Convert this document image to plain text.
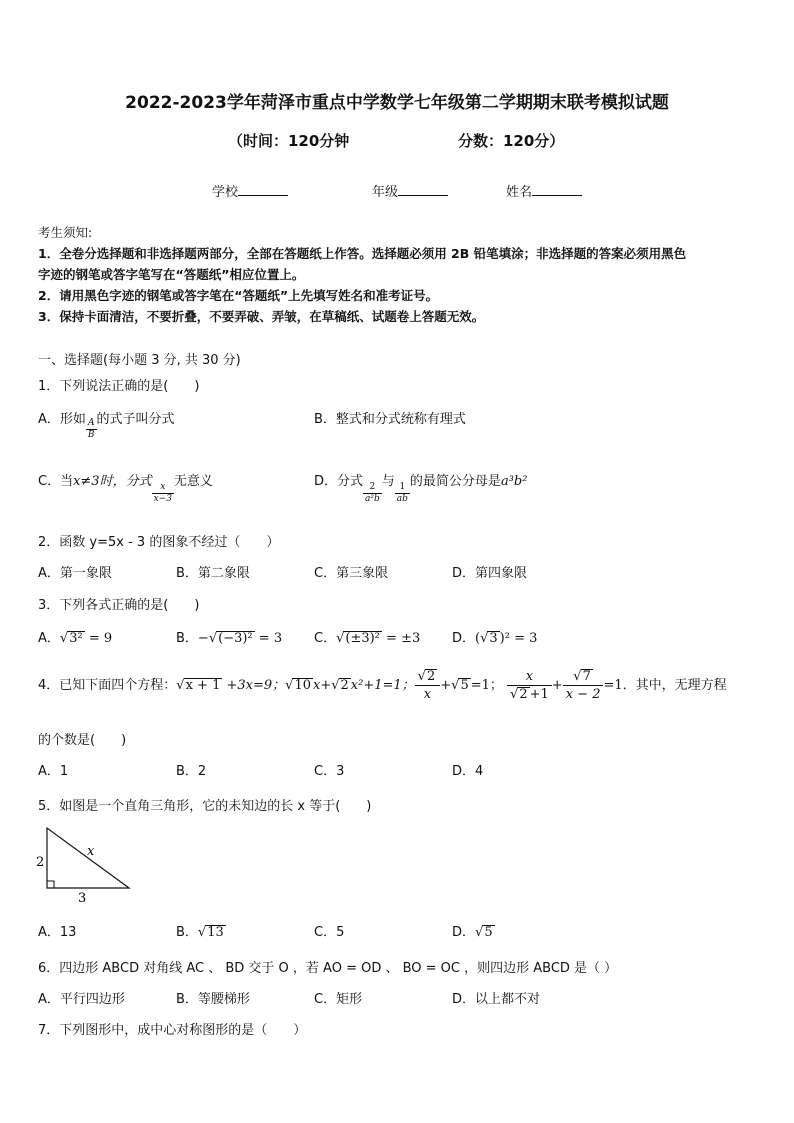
2022-2023学年菏泽市重点中学数学七年级第二学期期末联考模拟试题
（时间：120分钟	分数：120分）
学校	年级	姓名
考生须知:
1．全卷分选择题和非选择题两部分，全部在答题纸上作答。选择题必须用 2B 铅笔填涂；非选择题的答案必须用黑色
字迹的钢笔或答字笔写在“答题纸”相应位置上。
2．请用黑色字迹的钢笔或答字笔在“答题纸”上先填写姓名和准考证号。
3．保持卡面清洁，不要折叠，不要弄破、弄皱，在草稿纸、试题卷上答题无效。
一、选择题(每小题 3 分, 共 30 分)
1．下列说法正确的是(　　)
A．形如 $\frac{A}{B}$ 的式子叫分式	B．整式和分式统称有理式
C．当x≠3时，分式
$\frac{x}{x-3}$
无意义	D．分式
$\frac{2}{\text{a²b}}$
与
$\frac{1}{ab}$
的最简公分母是a³b²
2．函数 y=5x - 3 的图象不经过（　　）
A．第一象限	B．第二象限	C．第三象限	D．第四象限
3．下列各式正确的是(　　)
A．√3² = 9	B．−√(−3)² = 3 C．√(±3)² = ±3 D．(√3 )² = 3
4．已知下面四个方程：√x + 1 +3x=9；√10 x+√2 x²+1=1； $\frac{√2}{x} +√5 =1$； $\frac{x}{√2 +1} + \frac{√7}{x - 2} =1$．其中，无理方程
的个数是(　　)
A．1	B．2	C．3	D．4
5．如图是一个直角三角形，它的未知边的长 x 等于(　　)
2
x
3
A．13	B．√13	C．5	D．√5
6．四边形 ABCD 对角线 AC 、 BD 交于 O ，若 AO = OD 、 BO = OC ，则四边形 ABCD 是（ ）
A．平行四边形	B．等腰梯形	C．矩形	D．以上都不对
7．下列图形中，成中心对称图形的是（　　）
